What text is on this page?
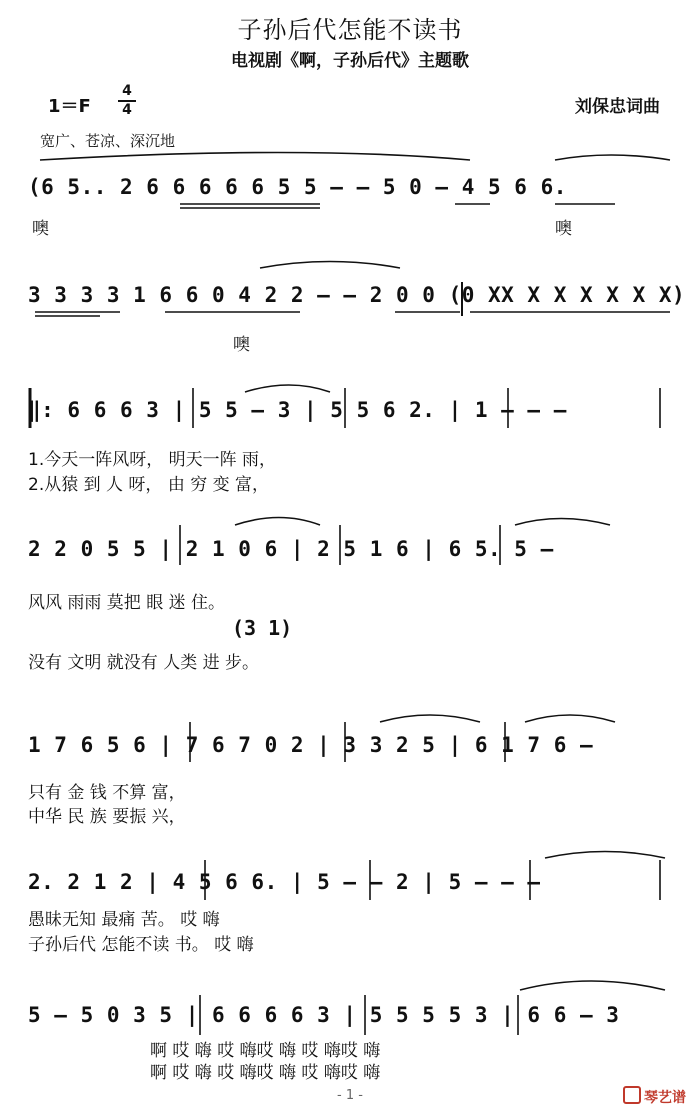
子孙后代怎能不读书
电视剧《啊，子孙后代》主题歌
1＝F
4
4	刘保忠词曲
宽广、苍凉、深沉地
(6 5.. 2 6 6 6 6 6 5 5 — — 5 0 — 4 5 6 6.
噢	噢
3 3 3 3 1 6 6 0 4 2 2 — — 2 0 0 (0 XX X X X X X X)
噢
‖: 6 6 6 3 | 5 5 — 3 | 5 5 6 2. | 1 — — —
1.今天一阵风呀， 明天一阵 雨，
2.从猿 到 人 呀， 由 穷 变 富，
2 2 0 5 5 | 2 1 0 6 | 2 5 1 6 | 6 5. 5 —
风风 雨雨 莫把 眼 迷 住。
(3 1)
没有 文明 就没有 人类 进 步。
1 7 6 5 6 | 7 6 7 0 2 | 3 3 2 5 | 6 1 7 6 —
只有 金 钱 不算 富，
中华 民 族 要振 兴，
2. 2 1 2 | 4 5 6 6. | 5 — — 2 | 5 — — —
愚昧无知 最痛 苦。 哎 嗨
子孙后代 怎能不读 书。 哎 嗨
5 — 5 0 3 5 | 6 6 6 6 3 | 5 5 5 5 3 | 6 6 — 3
啊 哎 嗨 哎 嗨哎 嗨 哎 嗨哎 嗨
啊 哎 嗨 哎 嗨哎 嗨 哎 嗨哎 嗨
- 1 -	琴艺谱
